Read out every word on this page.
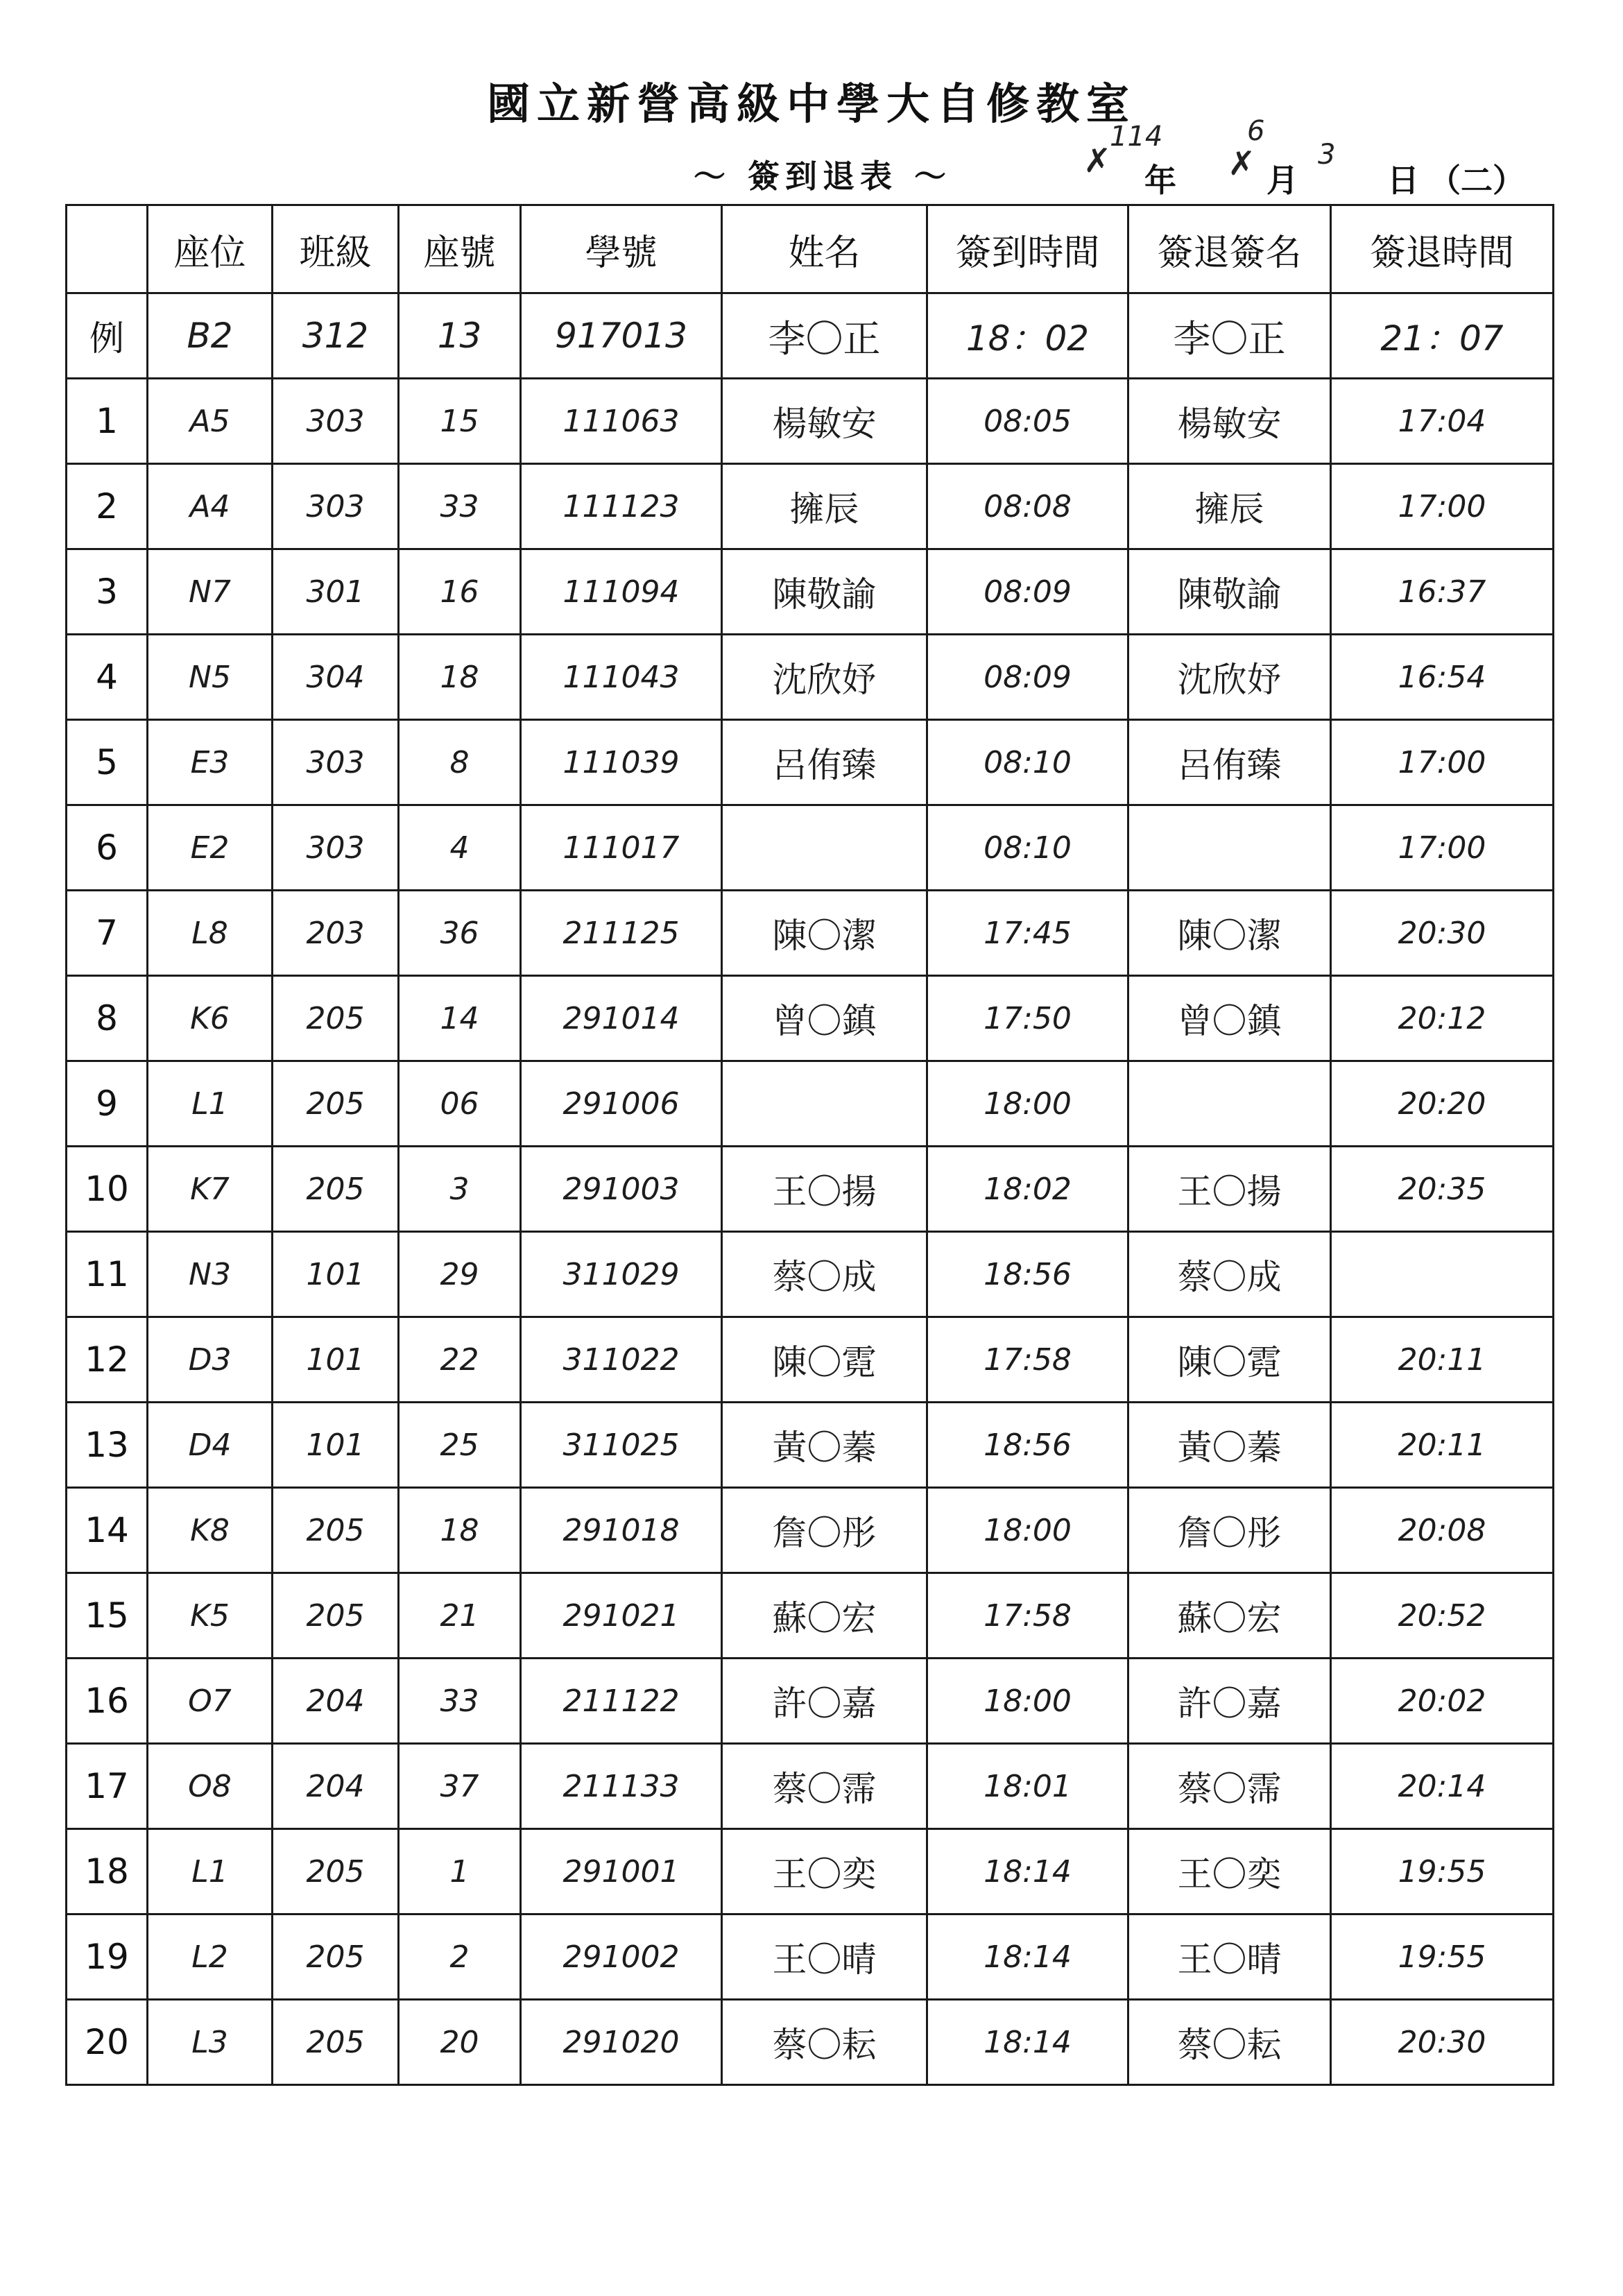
國立新營高級中學大自修教室
～ 簽到退表 ～	✗
114
年 ✗
6
月
3
日 （二）
	座位	班級	座號	學號	姓名	簽到時間	簽退簽名	簽退時間
例	B2	312	13	917013	李〇正	18：02	李〇正	21：07
1	A5	303	15	111063	楊敏安	08:05	楊敏安	17:04
2	A4	303	33	111123	擁辰	08:08	擁辰	17:00
3	N7	301	16	111094	陳敬諭	08:09	陳敬諭	16:37
4	N5	304	18	111043	沈欣妤	08:09	沈欣妤	16:54
5	E3	303	8	111039	呂侑臻	08:10	呂侑臻	17:00
6	E2	303	4	111017		08:10		17:00
7	L8	203	36	211125	陳〇潔	17:45	陳〇潔	20:30
8	K6	205	14	291014	曾〇鎮	17:50	曾〇鎮	20:12
9	L1	205	06	291006		18:00		20:20
10	K7	205	3	291003	王〇揚	18:02	王〇揚	20:35
11	N3	101	29	311029	蔡〇成	18:56	蔡〇成	
12	D3	101	22	311022	陳〇霓	17:58	陳〇霓	20:11
13	D4	101	25	311025	黃〇蓁	18:56	黃〇蓁	20:11
14	K8	205	18	291018	詹〇彤	18:00	詹〇彤	20:08
15	K5	205	21	291021	蘇〇宏	17:58	蘇〇宏	20:52
16	O7	204	33	211122	許〇嘉	18:00	許〇嘉	20:02
17	O8	204	37	211133	蔡〇霈	18:01	蔡〇霈	20:14
18	L1	205	1	291001	王〇奕	18:14	王〇奕	19:55
19	L2	205	2	291002	王〇晴	18:14	王〇晴	19:55
20	L3	205	20	291020	蔡〇耘	18:14	蔡〇耘	20:30
